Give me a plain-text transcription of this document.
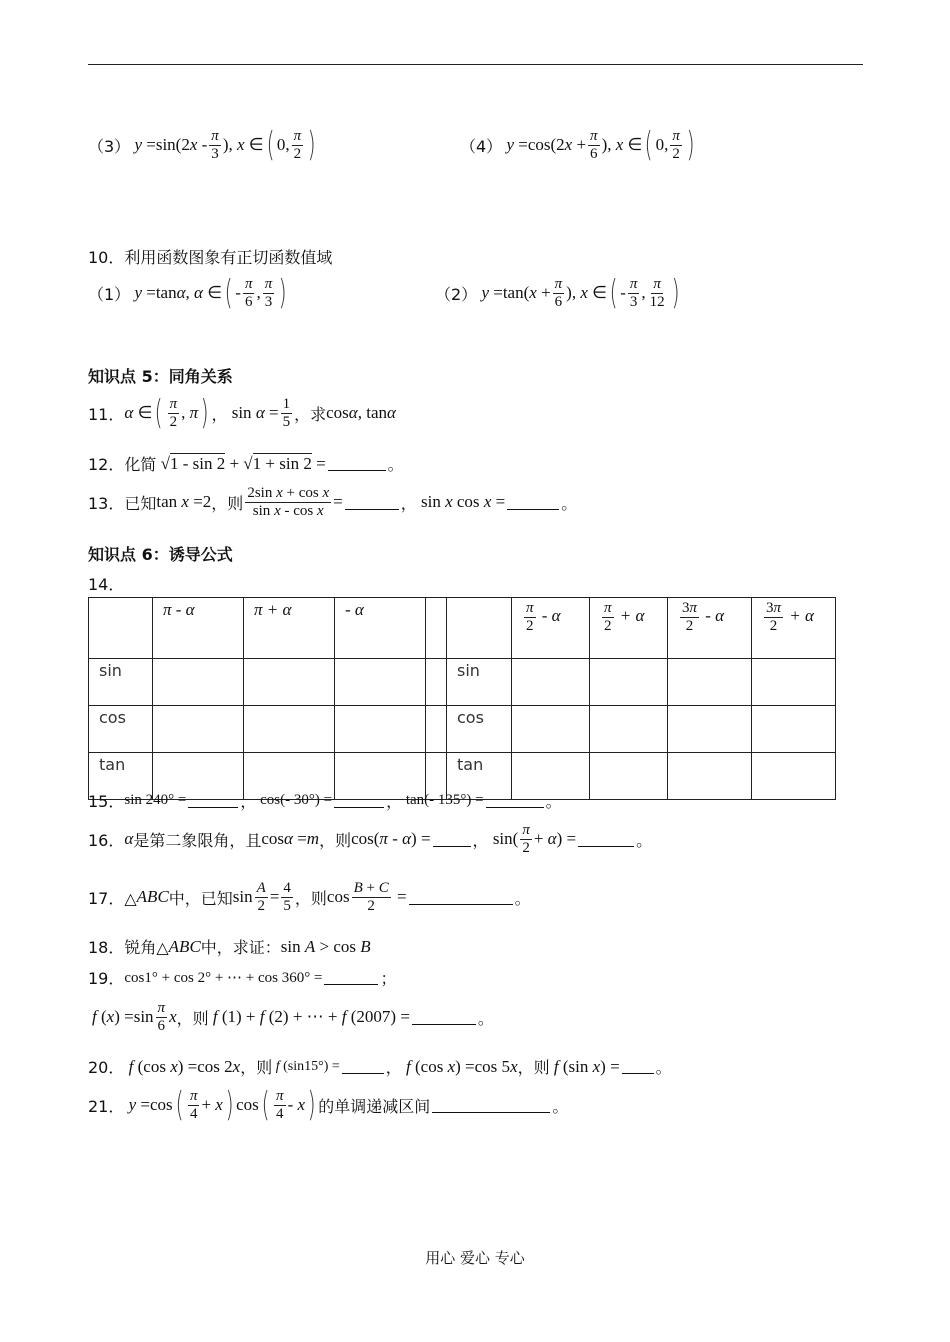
（3） $y =\sin(2x - \frac{\pi}{3}$ ), x ∈ ( 0, $\frac{\pi}{2}$ )	（4） $y =\cos(2x + \frac{\pi}{6}$ ), x ∈ ( 0, $\frac{\pi}{2}$ )
10．利用函数图象有正切函数值域
（1） y =tanα, α ∈ ( - $\frac{\pi}{6}$ , $\frac{\pi}{3}$ )	（2） $y =\tan(x + \frac{\pi}{6}$ ), x ∈ ( - $\frac{\pi}{3}$ , $\frac{\pi}{12}$ )
知识点 5：同角关系
11． α ∈ ( $\frac{\pi}{2}$ , π ) ， $\sin \alpha = \frac{1}{5}$ ，求 cosα, tanα
12．化简 √1 - sin 2 + √1 + sin 2 =	。
13．已知 tan x =2 ，则 $\frac{\text{2sin x + cos x}}{\text{sin x - cos x}}$ =	， sin x cos x =	。
知识点 6：诱导公式
14．
	π - α	π + α	- α			$\frac{\pi}{2}$ - α	$\frac{\pi}{2} + \alpha$	$\frac{3\pi}{2}$ - α	$\frac{3\pi}{2} + \alpha$
sin					sin				
cos					cos				
tan					tan				
15． sin 240° =	， cos(- 30°) =	， tan(- 135°) =	。
16． α 是第二象限角，且 cosα =m ，则 cos(π - α) =	， $\sin( \frac{\pi}{2} + \alpha)$ =	。
17．△ ABC 中，已知 $\sin \frac{A}{2} = \frac{4}{5}$ ，则 $\cos \frac{B + C}{2}$ =	。
18．锐角△ ABC 中，求证： sin A > cos B
19． cos1° + cos 2° + ⋯ + cos 360° =	；
f $(x) =\sin \frac{\pi}{6}$ x ，则 f (1) + f (2) + ⋯ + f (2007) =	。
20． f (cos x) =cos 2x ，则 f (sin15°) =	， f (cos x) =cos 5x ，则 f (sin x) = 。
21． y =cos ( $\frac{\pi}{4} + x$ ) cos ( $\frac{\pi}{4}$ - x ) 的单调递减区间	。
用心 爱心 专心
